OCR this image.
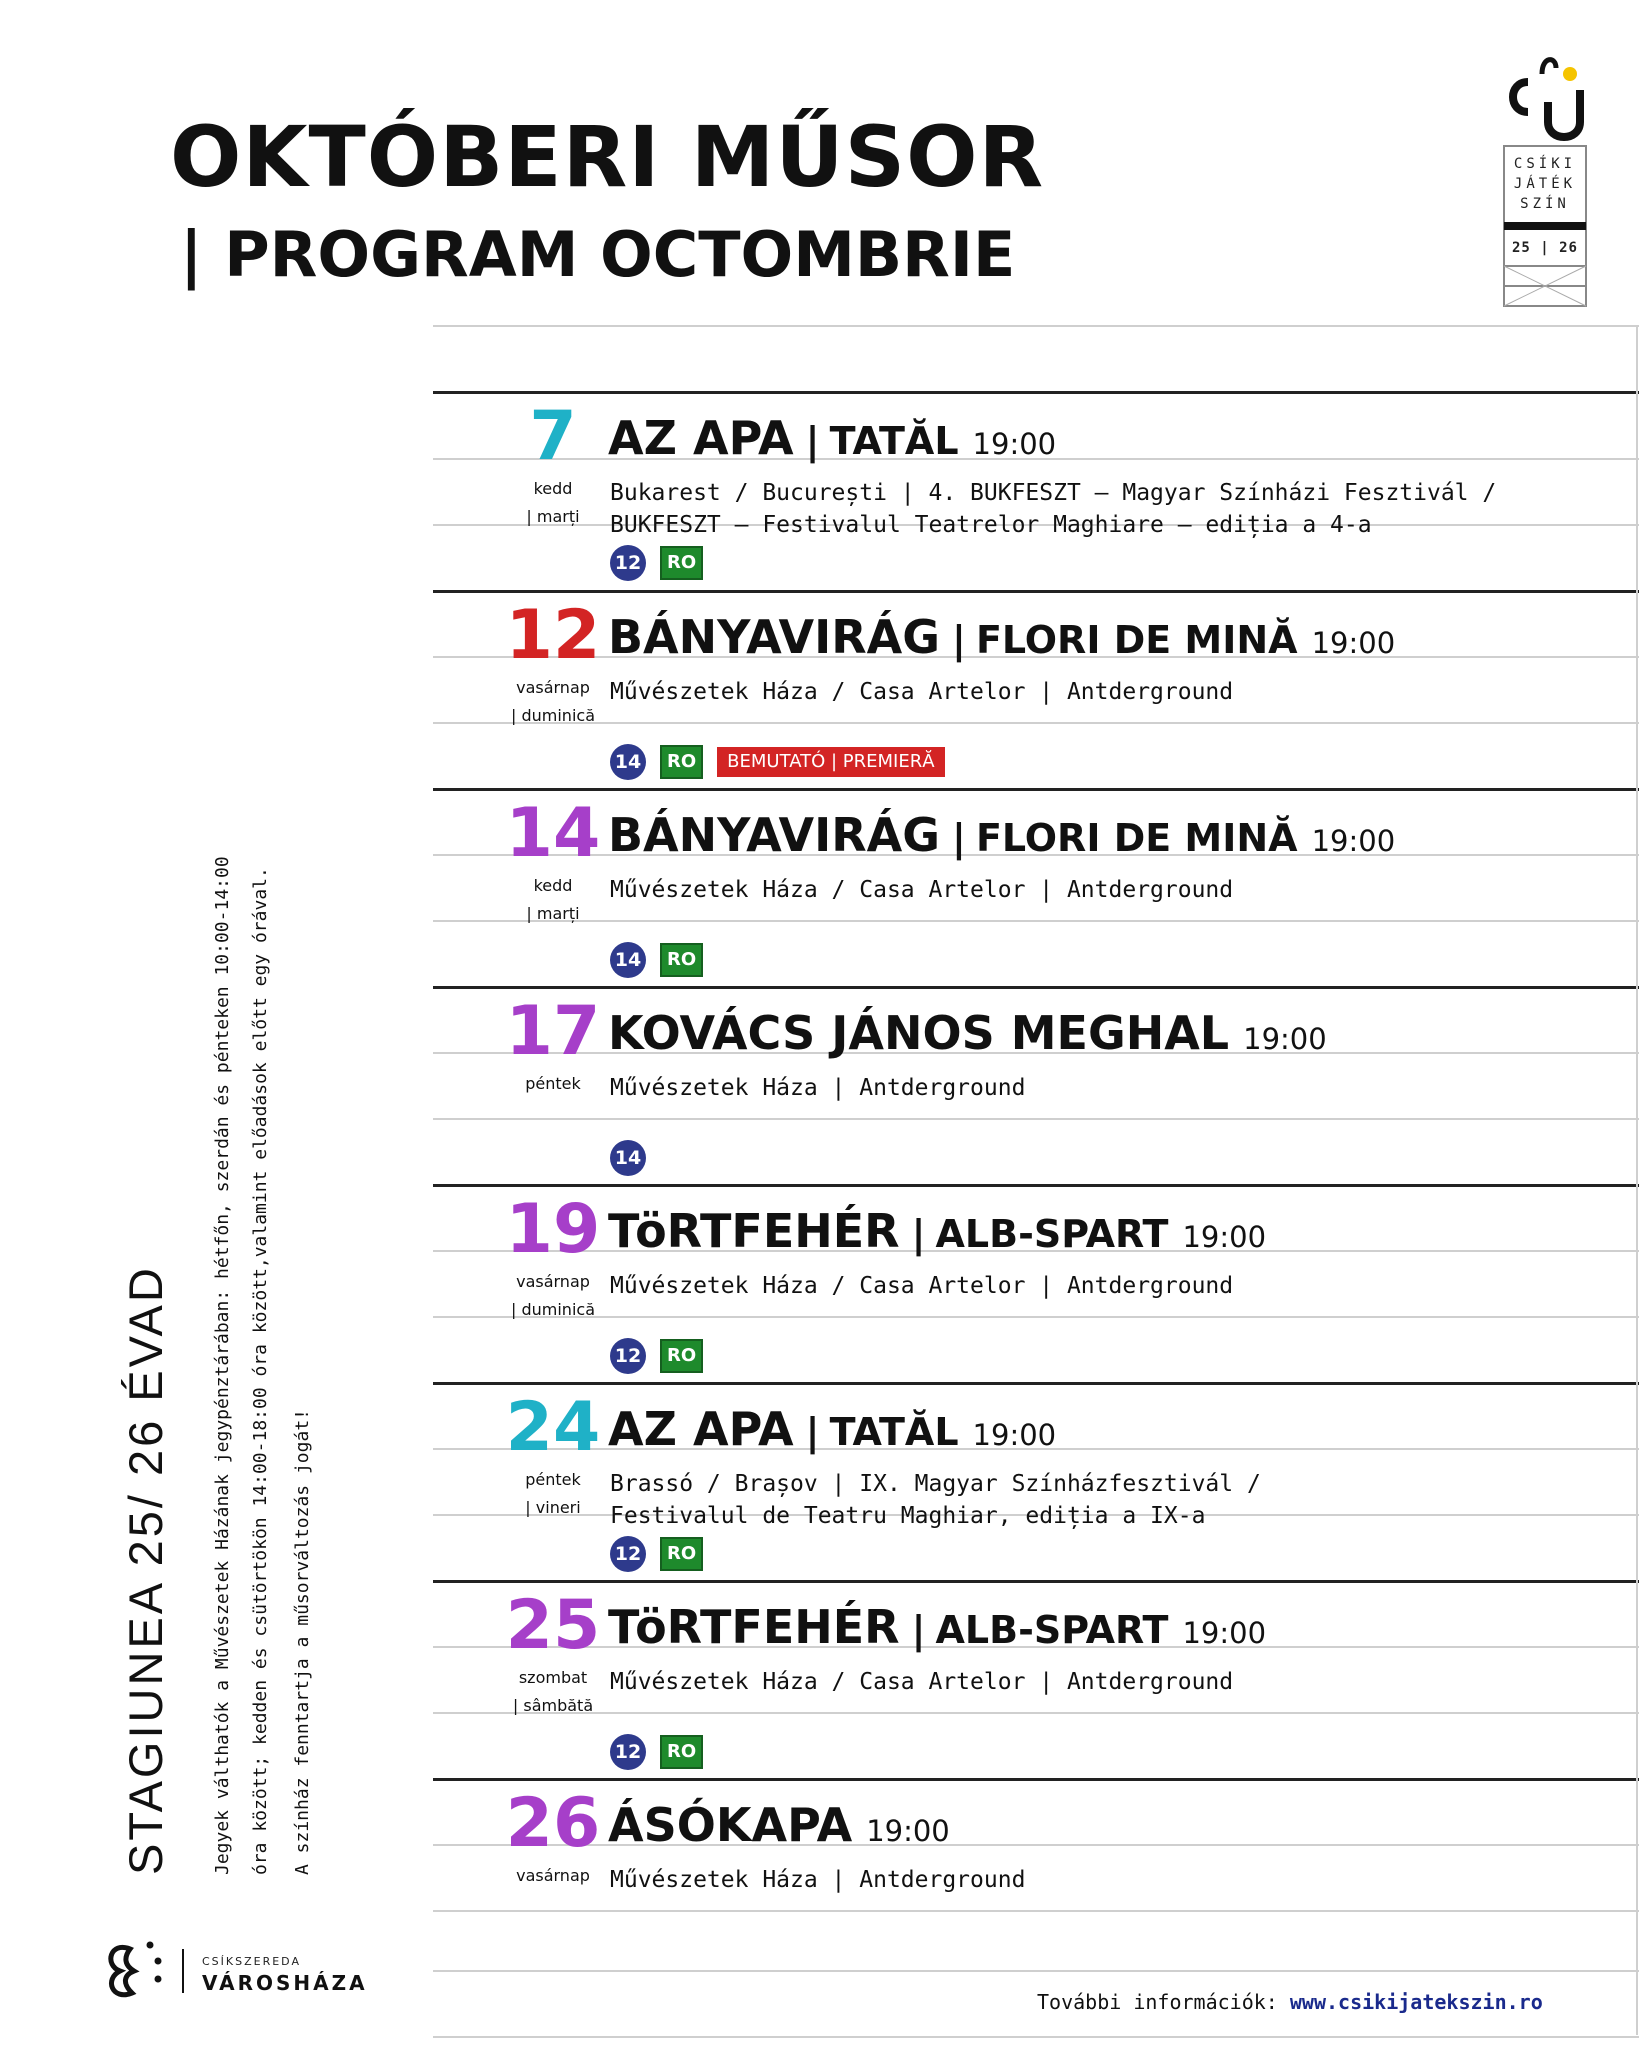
OKTÓBERI MŰSOR
| PROGRAM OCTOMBRIE
CSÍKI
JÁTÉK
SZÍN
25 | 26
STAGIUNEA 25/ 26 ÉVAD Jegyek válthatók a Művészetek Házának jegypénztárában: hétfőn, szerdán és pénteken 10:00-14:00 óra között; kedden és csütörtökön 14:00-18:00 óra között,valamint előadások előtt egy órával. A színház fenntartja a műsorváltozás jogát!
CSÍKSZEREDA
VÁROSHÁZA
7
kedd
| marți
AZ APA | TATĂL 19:00
Bukarest / București | 4. BUKFESZT – Magyar Színházi Fesztivál /
BUKFESZT – Festivalul Teatrelor Maghiare – ediția a 4-a
12 RO
12
vasárnap
| duminică
BÁNYAVIRÁG | FLORI DE MINĂ 19:00
Művészetek Háza / Casa Artelor | Antderground
14 RO BEMUTATÓ | PREMIERĂ
14
kedd
| marți
BÁNYAVIRÁG | FLORI DE MINĂ 19:00
Művészetek Háza / Casa Artelor | Antderground
14 RO
17
péntek
KOVÁCS JÁNOS MEGHAL 19:00
Művészetek Háza | Antderground
14
19
vasárnap
| duminică
TöRTFEHÉR | ALB-SPART 19:00
Művészetek Háza / Casa Artelor | Antderground
12 RO
24
péntek
| vineri
AZ APA | TATĂL 19:00
Brassó / Brașov | IX. Magyar Színházfesztivál /
Festivalul de Teatru Maghiar, ediția a IX-a
12 RO
25
szombat
| sâmbătă
TöRTFEHÉR | ALB-SPART 19:00
Művészetek Háza / Casa Artelor | Antderground
12 RO
26
vasárnap
ÁSÓKAPA 19:00
Művészetek Háza | Antderground
További információk: www.csikijatekszin.ro
